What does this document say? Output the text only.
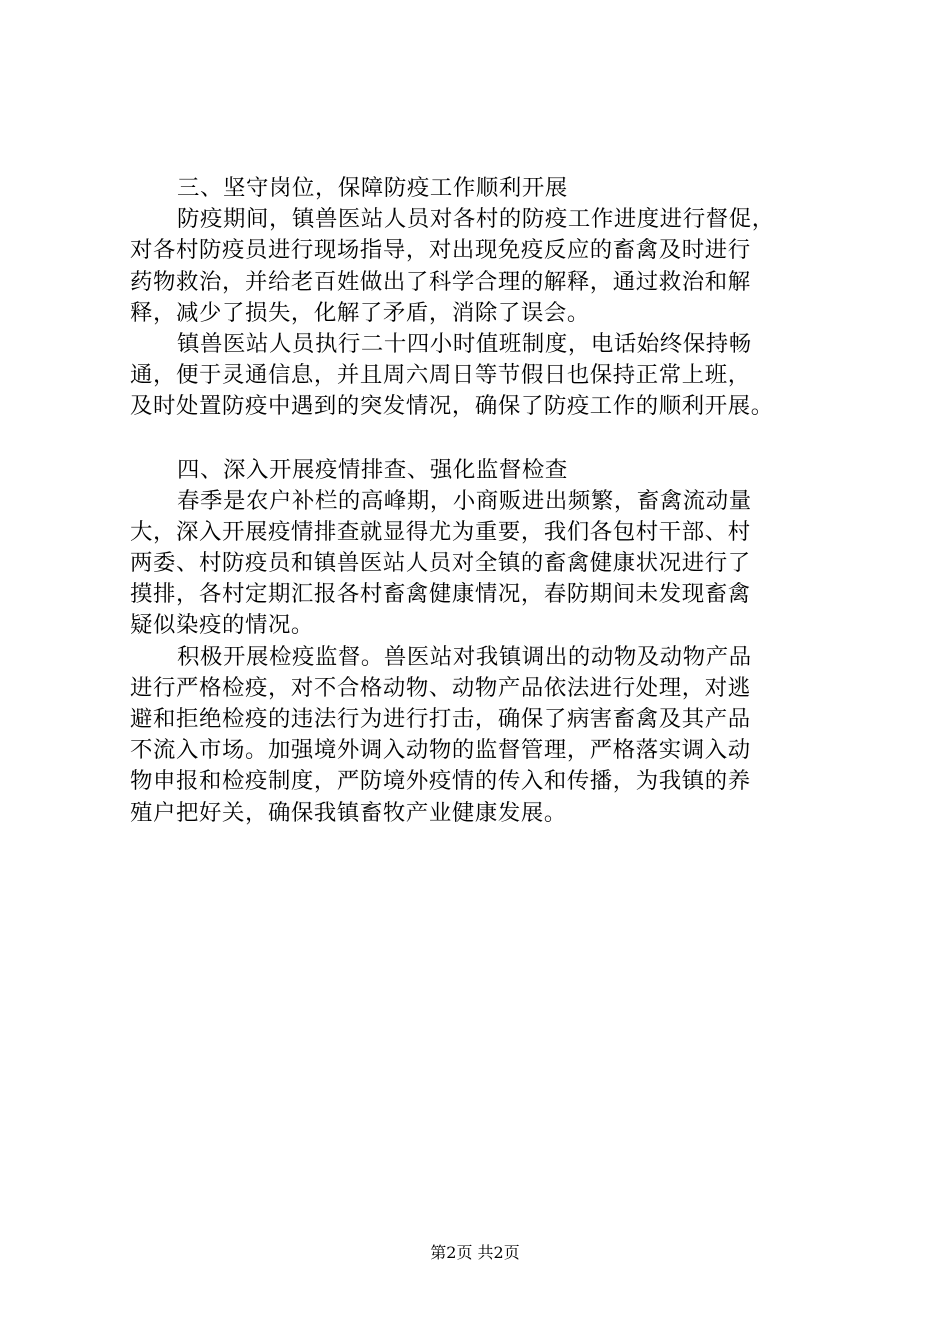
三、坚守岗位，保障防疫工作顺利开展
防疫期间，镇兽医站人员对各村的防疫工作进度进行督促，
对各村防疫员进行现场指导，对出现免疫反应的畜禽及时进行
药物救治，并给老百姓做出了科学合理的解释，通过救治和解
释，减少了损失，化解了矛盾，消除了误会。
镇兽医站人员执行二十四小时值班制度，电话始终保持畅
通，便于灵通信息，并且周六周日等节假日也保持正常上班，
及时处置防疫中遇到的突发情况，确保了防疫工作的顺利开展。
四、深入开展疫情排查、强化监督检查
春季是农户补栏的高峰期，小商贩进出频繁，畜禽流动量
大，深入开展疫情排查就显得尤为重要，我们各包村干部、村
两委、村防疫员和镇兽医站人员对全镇的畜禽健康状况进行了
摸排，各村定期汇报各村畜禽健康情况，春防期间未发现畜禽
疑似染疫的情况。
积极开展检疫监督。兽医站对我镇调出的动物及动物产品
进行严格检疫，对不合格动物、动物产品依法进行处理，对逃
避和拒绝检疫的违法行为进行打击，确保了病害畜禽及其产品
不流入市场。加强境外调入动物的监督管理，严格落实调入动
物申报和检疫制度，严防境外疫情的传入和传播，为我镇的养
殖户把好关，确保我镇畜牧产业健康发展。
第2页 共2页
